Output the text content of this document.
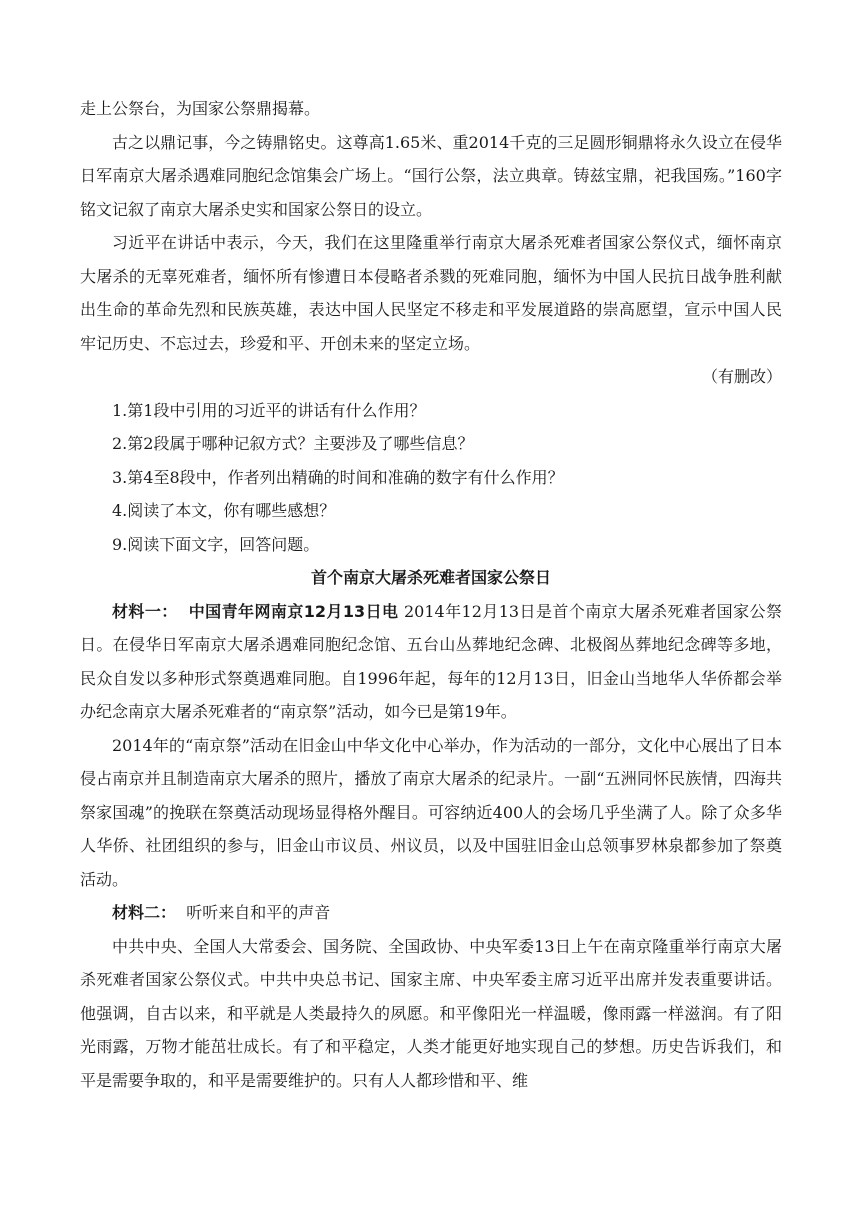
走上公祭台，为国家公祭鼎揭幕。

古之以鼎记事，今之铸鼎铭史。这尊高1.65米、重2014千克的三足圆形铜鼎将永久设立在侵华日军南京大屠杀遇难同胞纪念馆集会广场上。“国行公祭，法立典章。铸兹宝鼎，祀我国殇。”160字铭文记叙了南京大屠杀史实和国家公祭日的设立。

习近平在讲话中表示，今天，我们在这里隆重举行南京大屠杀死难者国家公祭仪式，缅怀南京大屠杀的无辜死难者，缅怀所有惨遭日本侵略者杀戮的死难同胞，缅怀为中国人民抗日战争胜利献出生命的革命先烈和民族英雄，表达中国人民坚定不移走和平发展道路的崇高愿望，宣示中国人民牢记历史、不忘过去，珍爱和平、开创未来的坚定立场。

（有删改）

1.第1段中引用的习近平的讲话有什么作用？

2.第2段属于哪种记叙方式？主要涉及了哪些信息？

3.第4至8段中，作者列出精确的时间和准确的数字有什么作用？

4.阅读了本文，你有哪些感想？

9.阅读下面文字，回答问题。

首个南京大屠杀死难者国家公祭日

材料一： 中国青年网南京12月13日电 2014年12月13日是首个南京大屠杀死难者国家公祭日。在侵华日军南京大屠杀遇难同胞纪念馆、五台山丛葬地纪念碑、北极阁丛葬地纪念碑等多地，民众自发以多种形式祭奠遇难同胞。自1996年起，每年的12月13日，旧金山当地华人华侨都会举办纪念南京大屠杀死难者的“南京祭”活动，如今已是第19年。

2014年的“南京祭”活动在旧金山中华文化中心举办，作为活动的一部分，文化中心展出了日本侵占南京并且制造南京大屠杀的照片，播放了南京大屠杀的纪录片。一副“五洲同怀民族情，四海共祭家国魂”的挽联在祭奠活动现场显得格外醒目。可容纳近400人的会场几乎坐满了人。除了众多华人华侨、社团组织的参与，旧金山市议员、州议员，以及中国驻旧金山总领事罗林泉都参加了祭奠活动。

材料二： 听听来自和平的声音

中共中央、全国人大常委会、国务院、全国政协、中央军委13日上午在南京隆重举行南京大屠杀死难者国家公祭仪式。中共中央总书记、国家主席、中央军委主席习近平出席并发表重要讲话。他强调，自古以来，和平就是人类最持久的夙愿。和平像阳光一样温暖，像雨露一样滋润。有了阳光雨露，万物才能茁壮成长。有了和平稳定，人类才能更好地实现自己的梦想。历史告诉我们，和平是需要争取的，和平是需要维护的。只有人人都珍惜和平、维
